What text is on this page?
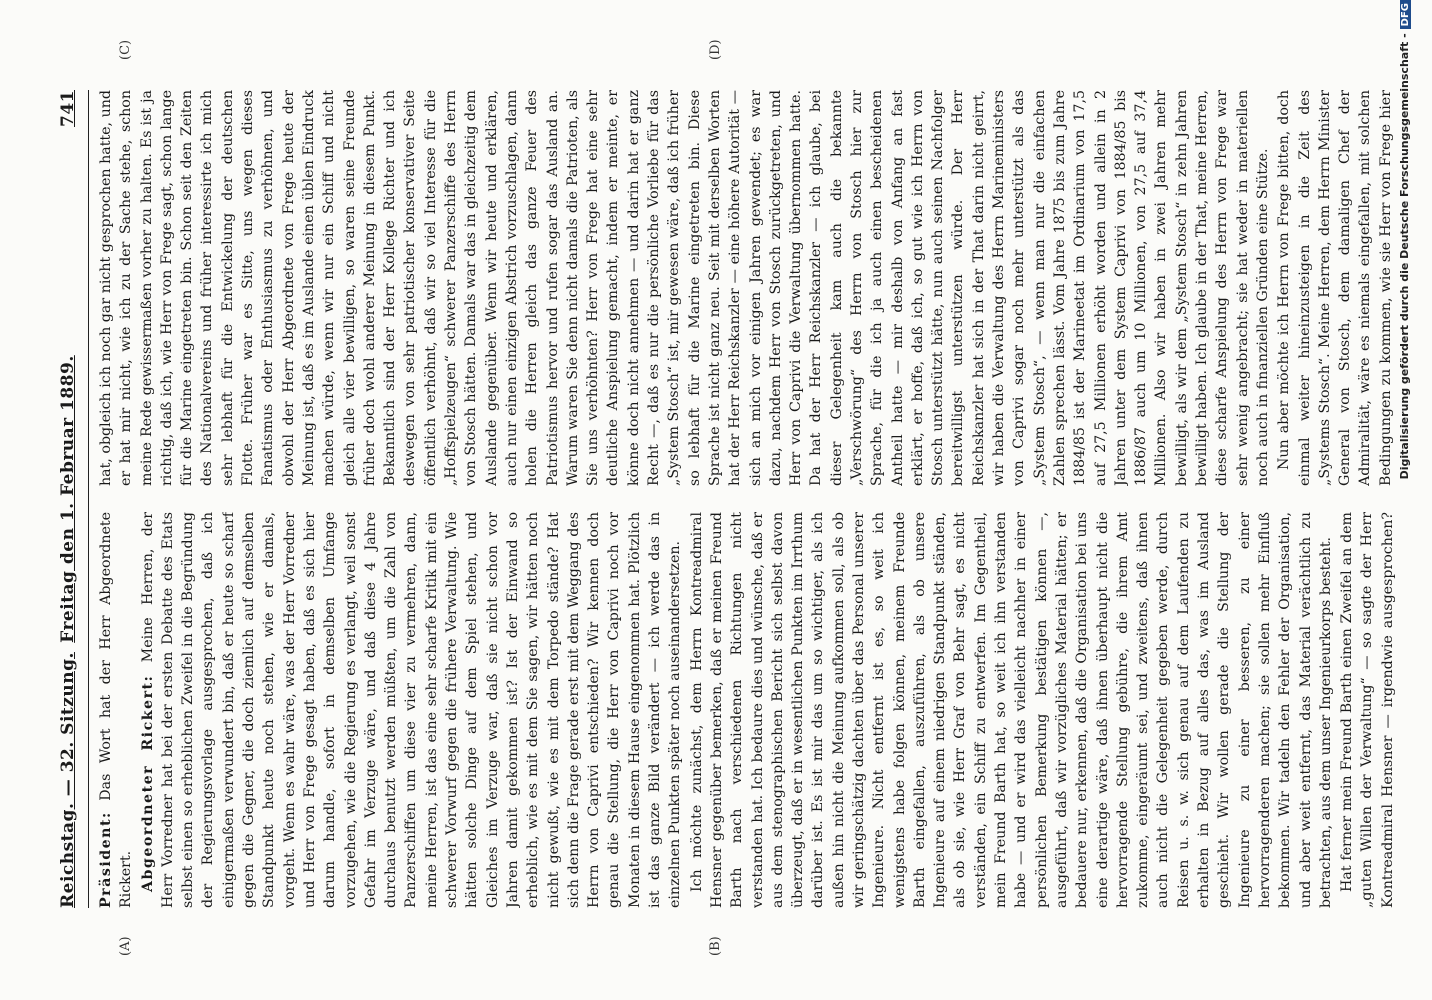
Reichstag. — 32. Sitzung.
Freitag den 1. Februar 1889.
741
(A)	(B)
(C)	(D)

Präsident: Das Wort hat der Herr Abgeordnete Rickert. Abgeordneter Rickert: Meine Herren, der Herr Vorredner hat bei der ersten Debatte des Etats selbst einen so erheblichen Zweifel in die Begründung der Regierungsvorlage ausgesprochen, daß ich einigermaßen verwundert bin, daß er heute so scharf gegen die Gegner, die doch ziemlich auf demselben Standpunkt heute noch stehen, wie er damals, vorgeht. Wenn es wahr wäre, was der Herr Vorredner und Herr von Frege gesagt haben, daß es sich hier darum handle, sofort in demselben Umfange vorzugehen, wie die Regierung es verlangt, weil sonst Gefahr im Verzuge wäre, und daß diese 4 Jahre durchaus benutzt werden müßten, um die Zahl von Panzerschiffen um diese vier zu vermehren, dann, meine Herren, ist das eine sehr scharfe Kritik mit ein schwerer Vorwurf gegen die frühere Verwaltung. Wie hätten solche Dinge auf dem Spiel stehen, und Gleiches im Verzuge war, daß sie nicht schon vor Jahren damit gekommen ist? Ist der Einwand so erheblich, wie es mit dem Sie sagen, wir hätten noch nicht gewußt, wie es mit dem Torpedo stände? Hat sich denn die Frage gerade erst mit dem Weggang des Herrn von Caprivi entschieden? Wir kennen doch genau die Stellung, die Herr von Caprivi noch vor Monaten in diesem Hause eingenommen hat. Plötzlich ist das ganze Bild verändert — ich werde das in einzelnen Punkten später noch auseinandersetzen. Ich möchte zunächst, dem Herrn Kontreadmiral Hensner gegenüber bemerken, daß er meinen Freund Barth nach verschiedenen Richtungen nicht verstanden hat. Ich bedaure dies und wünsche, daß er aus dem stenographischen Bericht sich selbst davon überzeugt, daß er in wesentlichen Punkten im Irrthum darüber ist. Es ist mir das um so wichtiger, als ich außen hin nicht die Meinung aufkommen soll, als ob wir geringschätzig dachten über das Personal unserer Ingenieure. Nicht entfernt ist es, so weit ich wenigstens habe folgen können, meinem Freunde Barth eingefallen, auszuführen, als ob unsere Ingenieure auf einem niedrigen Standpunkt ständen, als ob sie, wie Herr Graf von Behr sagt, es nicht verständen, ein Schiff zu entwerfen. Im Gegentheil, mein Freund Barth hat, so weit ich ihn verstanden habe — und er wird das vielleicht nachher in einer persönlichen Bemerkung bestätigen können —, ausgeführt, daß wir vorzügliches Material hätten; er bedauere nur, erkennen, daß die Organisation bei uns eine derartige wäre, daß ihnen überhaupt nicht die hervorragende Stellung gebühre, die ihrem Amt zukomme, eingeräumt sei, und zweitens, daß ihnen auch nicht die Gelegenheit gegeben werde, durch Reisen u. s. w. sich genau auf dem Laufenden zu erhalten in Bezug auf alles das, was im Ausland geschieht. Wir wollen gerade die Stellung der Ingenieure zu einer besseren, zu einer hervorragenderen machen; sie sollen mehr Einfluß bekommen. Wir tadeln den Fehler der Organisation, und aber weit entfernt, das Material verächtlich zu betrachten, aus dem unser Ingenieurkorps besteht. Hat ferner mein Freund Barth einen Zweifel an dem „guten Willen der Verwaltung“ — so sagte der Herr Kontreadmiral Hensner — irgendwie ausgesprochen?

hat, obgleich ich noch gar nicht gesprochen hatte, und er hat mir nicht, wie ich zu der Sache stehe, schon meine Rede gewissermaßen vorher zu halten. Es ist ja richtig, daß ich, wie Herr von Frege sagt, schon lange für die Marine eingetreten bin. Schon seit den Zeiten des Nationalvereins und früher interessirte ich mich sehr lebhaft für die Entwickelung der deutschen Flotte. Früher war es Sitte, uns wegen dieses Fanatismus oder Enthusiasmus zu verhöhnen, und obwohl der Herr Abgeordnete von Frege heute der Meinung ist, daß es im Auslande einen üblen Eindruck machen würde, wenn wir nur ein Schiff und nicht gleich alle vier bewilligen, so waren seine Freunde früher doch wohl anderer Meinung in diesem Punkt. Bekanntlich sind der Herr Kollege Richter und ich deswegen von sehr patriotischer konservativer Seite öffentlich verhöhnt, daß wir so viel Interesse für die „Hoffspielzeugen“ schwerer Panzerschiffe des Herrn von Stosch hätten. Damals war das in gleichzeitig dem Auslande gegenüber. Wenn wir heute und erklären, auch nur einen einzigen Abstrich vorzuschlagen, dann holen die Herren gleich das ganze Feuer des Patriotismus hervor und rufen sogar das Ausland an. Warum waren Sie denn nicht damals die Patrioten, als Sie uns verhöhnten? Herr von Frege hat eine sehr deutliche Anspielung gemacht, indem er meinte, er könne doch nicht annehmen — und darin hat er ganz Recht —, daß es nur die persönliche Vorliebe für das „System Stosch“ ist, mir gewesen wäre, daß ich früher so lebhaft für die Marine eingetreten bin. Diese Sprache ist nicht ganz neu. Seit mit derselben Worten hat der Herr Reichskanzler — eine höhere Autorität — sich an mich vor einigen Jahren gewendet; es war dazu, nachdem Herr von Stosch zurückgetreten, und Herr von Caprivi die Verwaltung übernommen hatte. Da hat der Herr Reichskanzler — ich glaube, bei dieser Gelegenheit kam auch die bekannte „Verschwörung“ des Herrn von Stosch hier zur Sprache, für die ich ja auch einen bescheidenen Antheil hatte — mir deshalb von Anfang an fast erklärt, er hoffe, daß ich, so gut wie ich Herrn von Stosch unterstützt hätte, nun auch seinen Nachfolger bereitwilligst unterstützen würde. Der Herr Reichskanzler hat sich in der That darin nicht geirrt, wir haben die Verwaltung des Herrn Marineministers von Caprivi sogar noch mehr unterstützt als das „System Stosch“, — wenn man nur die einfachen Zahlen sprechen lässt. Vom Jahre 1875 bis zum Jahre 1884/85 ist der Marineetat im Ordinarium von 17,5 auf 27,5 Millionen erhöht worden und allein in 2 Jahren unter dem System Caprivi von 1884/85 bis 1886/87 auch um 10 Millionen, von 27,5 auf 37,4 Millionen. Also wir haben in zwei Jahren mehr bewilligt, als wir dem „System Stosch“ in zehn Jahren bewilligt haben. Ich glaube in der That, meine Herren, diese scharfe Anspielung des Herrn von Frege war sehr wenig angebracht; sie hat weder in materiellen noch auch in finanziellen Gründen eine Stütze. Nun aber möchte ich Herrn von Frege bitten, doch einmal weiter hineinzusteigen in die Zeit des „Systems Stosch“. Meine Herren, dem Herrn Minister General von Stosch, dem damaligen Chef der Admiralität, wäre es niemals eingefallen, mit solchen Bedingungen zu kommen, wie sie Herr von Frege hier Digitalisierung gefördert durch die Deutsche Forschungsgemeinschaft -DFG
